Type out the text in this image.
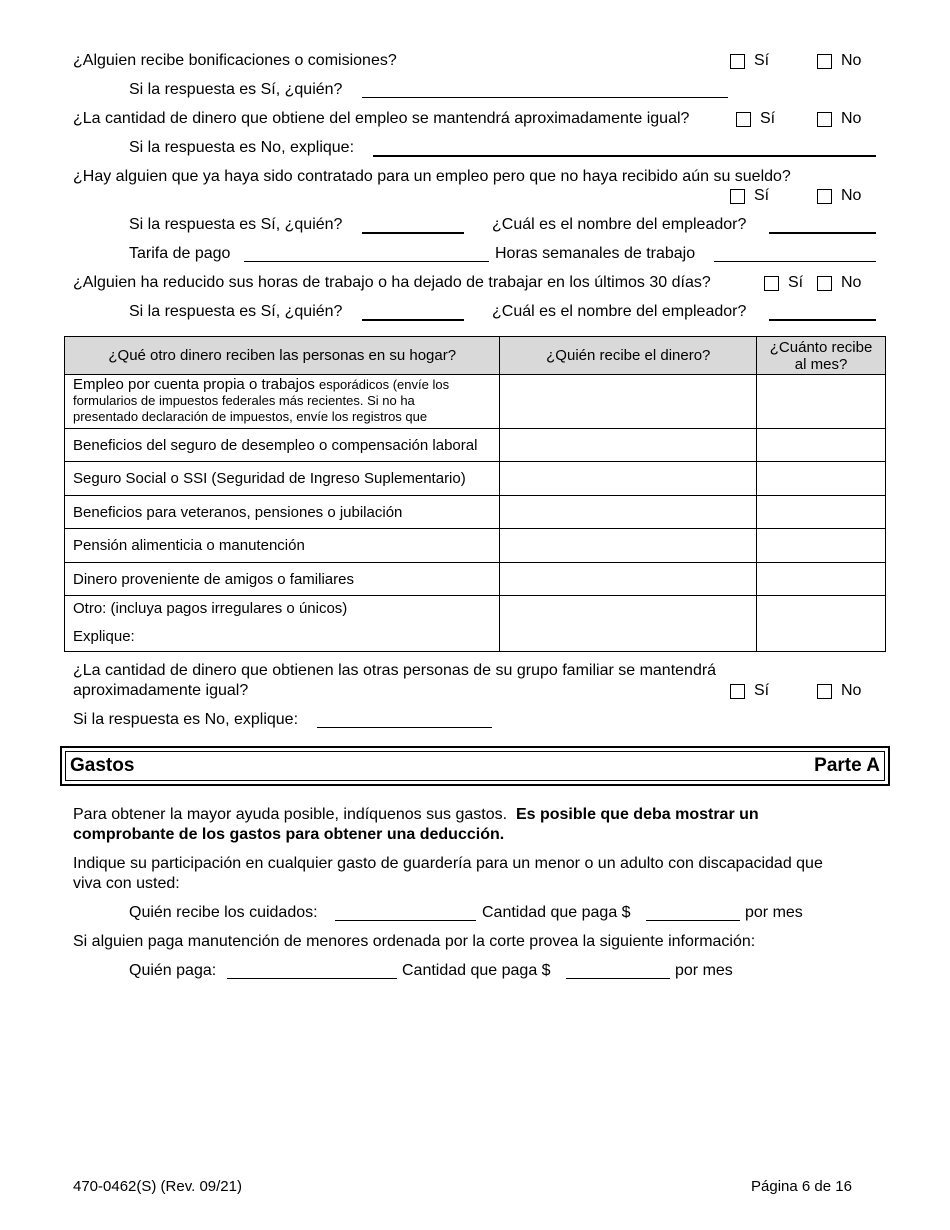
¿Alguien recibe bonificaciones o comisiones?	Sí	No
Si la respuesta es Sí, ¿quién?
¿La cantidad de dinero que obtiene del empleo se mantendrá aproximadamente igual?	Sí	No
Si la respuesta es No, explique:
¿Hay alguien que ya haya sido contratado para un empleo pero que no haya recibido aún su sueldo?
Sí	No
Si la respuesta es Sí, ¿quién?	¿Cuál es el nombre del empleador?
Tarifa de pago	Horas semanales de trabajo
¿Alguien ha reducido sus horas de trabajo o ha dejado de trabajar en los últimos 30 días?	Sí No
Si la respuesta es Sí, ¿quién?	¿Cuál es el nombre del empleador?
¿Qué otro dinero reciben las personas en su hogar?	¿Quién recibe el dinero?	¿Cuánto recibe
al mes?

Empleo por cuenta propia o trabajos esporádicos (envíe los
formularios de impuestos federales más recientes. Si no ha
presentado declaración de impuestos, envíe los registros que		

Beneficios del seguro de desempleo o compensación laboral		
Seguro Social o SSI (Seguridad de Ingreso Suplementario)		
Beneficios para veteranos, pensiones o jubilación		
Pensión alimenticia o manutención		
Dinero proveniente de amigos o familiares		

Otro: (incluya pagos irregulares o únicos)
Explique:		

¿La cantidad de dinero que obtienen las otras personas de su grupo familiar se mantendrá
aproximadamente igual?	Sí	No
Si la respuesta es No, explique:
Gastos	Parte A
Para obtener la mayor ayuda posible, indíquenos sus gastos. Es posible que deba mostrar un
comprobante de los gastos para obtener una deducción.
Indique su participación en cualquier gasto de guardería para un menor o un adulto con discapacidad que
viva con usted:
Quién recibe los cuidados:	Cantidad que paga $	por mes
Si alguien paga manutención de menores ordenada por la corte provea la siguiente información:
Quién paga:	Cantidad que paga $	por mes
470-0462(S) (Rev. 09/21)	Página 6 de 16
